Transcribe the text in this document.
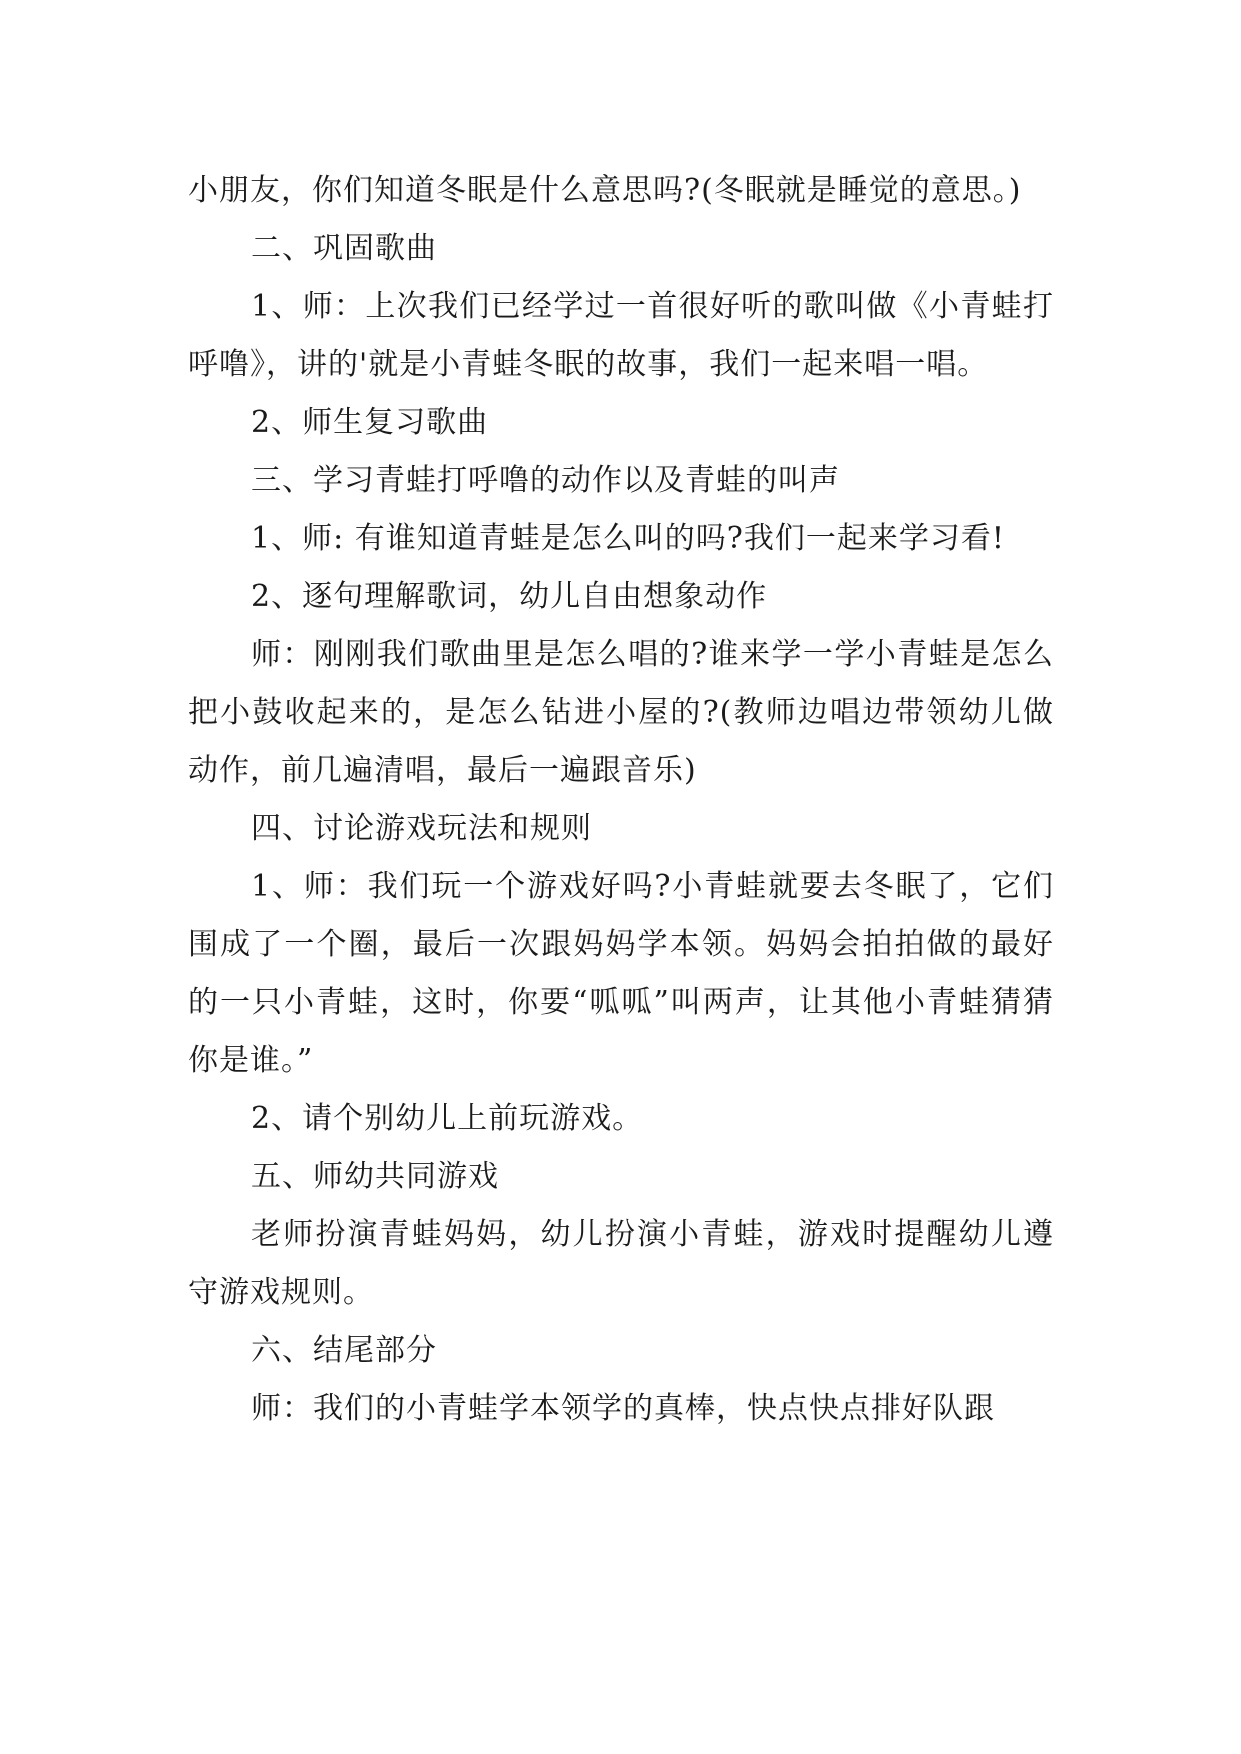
小朋友，你们知道冬眠是什么意思吗?(冬眠就是睡觉的意思。)

二、巩固歌曲

1、师：上次我们已经学过一首很好听的歌叫做《小青蛙打呼噜》，讲的'就是小青蛙冬眠的故事，我们一起来唱一唱。

2、师生复习歌曲

三、学习青蛙打呼噜的动作以及青蛙的叫声

1、师: 有谁知道青蛙是怎么叫的吗?我们一起来学习看!

2、逐句理解歌词，幼儿自由想象动作

师：刚刚我们歌曲里是怎么唱的?谁来学一学小青蛙是怎么把小鼓收起来的，是怎么钻进小屋的?(教师边唱边带领幼儿做动作，前几遍清唱，最后一遍跟音乐)

四、讨论游戏玩法和规则

1、师：我们玩一个游戏好吗?小青蛙就要去冬眠了，它们围成了一个圈，最后一次跟妈妈学本领。妈妈会拍拍做的最好的一只小青蛙，这时，你要“呱呱”叫两声，让其他小青蛙猜猜你是谁。”

2、请个别幼儿上前玩游戏。

五、师幼共同游戏

老师扮演青蛙妈妈，幼儿扮演小青蛙，游戏时提醒幼儿遵守游戏规则。

六、结尾部分

师：我们的小青蛙学本领学的真棒，快点快点排好队跟
